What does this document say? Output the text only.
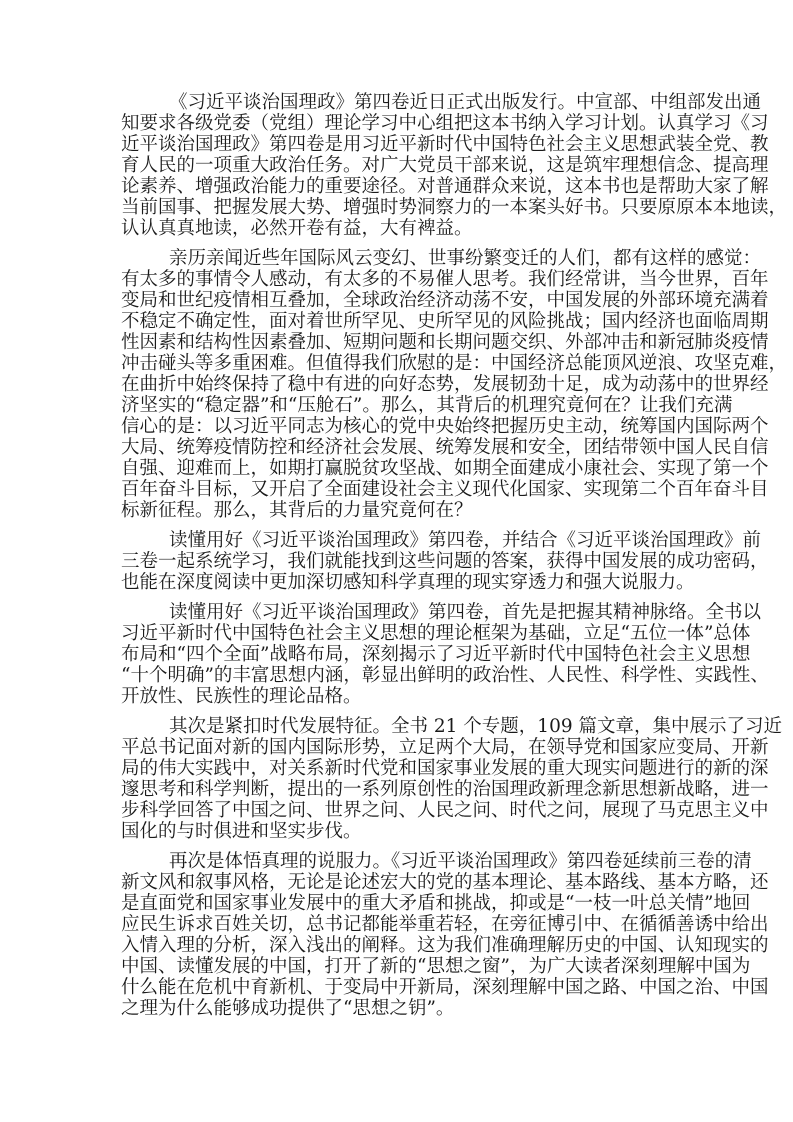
《习近平谈治国理政》第四卷近日正式出版发行。中宣部、中组部发出通
知要求各级党委（党组）理论学习中心组把这本书纳入学习计划。认真学习《习
近平谈治国理政》第四卷是用习近平新时代中国特色社会主义思想武装全党、教
育人民的一项重大政治任务。对广大党员干部来说，这是筑牢理想信念、提高理
论素养、增强政治能力的重要途径。对普通群众来说，这本书也是帮助大家了解
当前国事、把握发展大势、增强时势洞察力的一本案头好书。只要原原本本地读，
认认真真地读，必然开卷有益，大有裨益。
亲历亲闻近些年国际风云变幻、世事纷繁变迁的人们，都有这样的感觉：
有太多的事情令人感动，有太多的不易催人思考。我们经常讲，当今世界，百年
变局和世纪疫情相互叠加，全球政治经济动荡不安，中国发展的外部环境充满着
不稳定不确定性，面对着世所罕见、史所罕见的风险挑战；国内经济也面临周期
性因素和结构性因素叠加、短期问题和长期问题交织、外部冲击和新冠肺炎疫情
冲击碰头等多重困难。但值得我们欣慰的是：中国经济总能顶风逆浪、攻坚克难，
在曲折中始终保持了稳中有进的向好态势，发展韧劲十足，成为动荡中的世界经
济坚实的“稳定器”和“压舱石”。那么，其背后的机理究竟何在？让我们充满
信心的是：以习近平同志为核心的党中央始终把握历史主动，统筹国内国际两个
大局、统筹疫情防控和经济社会发展、统筹发展和安全，团结带领中国人民自信
自强、迎难而上，如期打赢脱贫攻坚战、如期全面建成小康社会、实现了第一个
百年奋斗目标，又开启了全面建设社会主义现代化国家、实现第二个百年奋斗目
标新征程。那么，其背后的力量究竟何在？
读懂用好《习近平谈治国理政》第四卷，并结合《习近平谈治国理政》前
三卷一起系统学习，我们就能找到这些问题的答案，获得中国发展的成功密码，
也能在深度阅读中更加深切感知科学真理的现实穿透力和强大说服力。
读懂用好《习近平谈治国理政》第四卷，首先是把握其精神脉络。全书以
习近平新时代中国特色社会主义思想的理论框架为基础，立足“五位一体”总体
布局和“四个全面”战略布局，深刻揭示了习近平新时代中国特色社会主义思想
“十个明确”的丰富思想内涵，彰显出鲜明的政治性、人民性、科学性、实践性、
开放性、民族性的理论品格。
其次是紧扣时代发展特征。全书 21 个专题，109 篇文章，集中展示了习近
平总书记面对新的国内国际形势，立足两个大局，在领导党和国家应变局、开新
局的伟大实践中，对关系新时代党和国家事业发展的重大现实问题进行的新的深
邃思考和科学判断，提出的一系列原创性的治国理政新理念新思想新战略，进一
步科学回答了中国之问、世界之问、人民之问、时代之问，展现了马克思主义中
国化的与时俱进和坚实步伐。
再次是体悟真理的说服力。《习近平谈治国理政》第四卷延续前三卷的清
新文风和叙事风格，无论是论述宏大的党的基本理论、基本路线、基本方略，还
是直面党和国家事业发展中的重大矛盾和挑战，抑或是“一枝一叶总关情”地回
应民生诉求百姓关切，总书记都能举重若轻，在旁征博引中、在循循善诱中给出
入情入理的分析，深入浅出的阐释。这为我们准确理解历史的中国、认知现实的
中国、读懂发展的中国，打开了新的“思想之窗”，为广大读者深刻理解中国为
什么能在危机中育新机、于变局中开新局，深刻理解中国之路、中国之治、中国
之理为什么能够成功提供了“思想之钥”。
